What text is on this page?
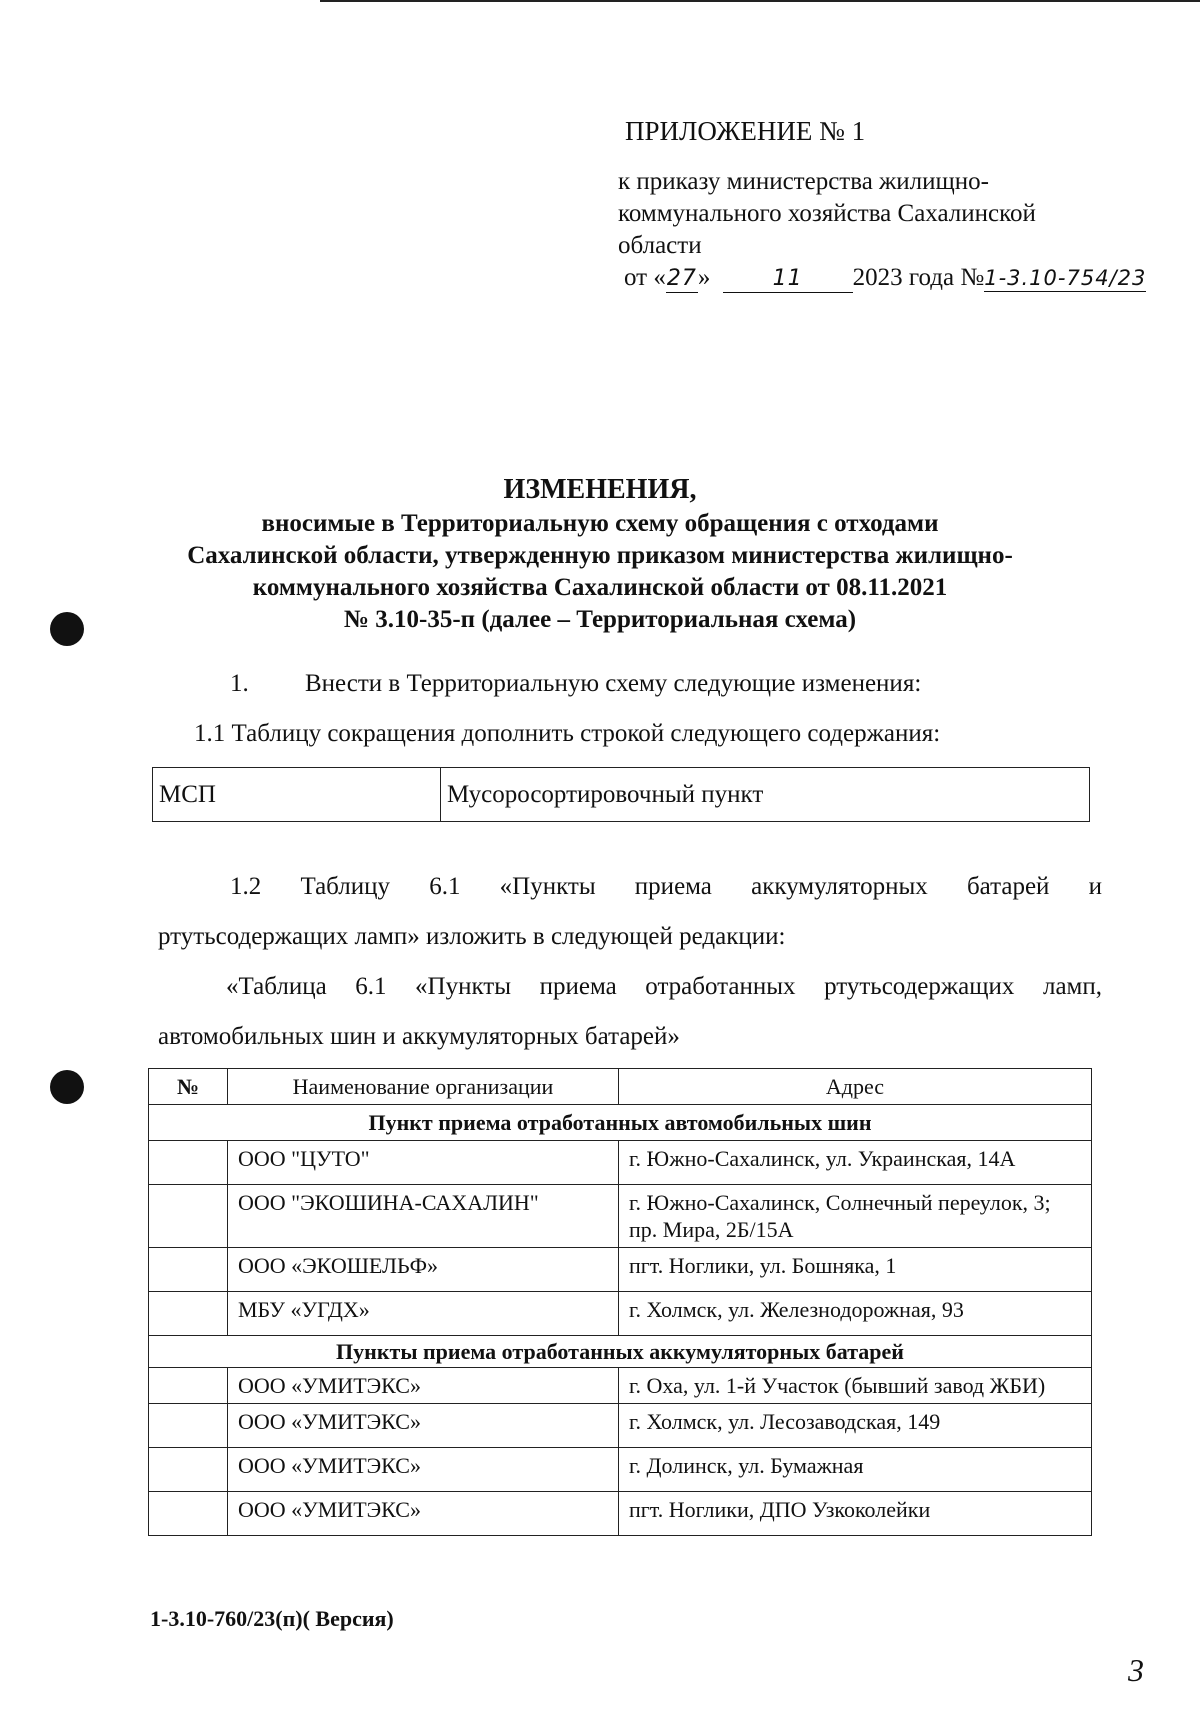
ПРИЛОЖЕНИЕ № 1
к приказу министерства жилищно-
коммунального хозяйства Сахалинской
области
от «27»	11 2023 года №1-3.10-754/23
ИЗМЕНЕНИЯ,
вносимые в Территориальную схему обращения с отходами
Сахалинской области, утвержденную приказом министерства жилищно-
коммунального хозяйства Сахалинской области от 08.11.2021
№ 3.10-35-п (далее – Территориальная схема)
1. Внести в Территориальную схему следующие изменения:
1.1 Таблицу сокращения дополнить строкой следующего содержания:
МСП	Мусоросортировочный пункт
1.2 Таблицу 6.1 «Пункты приема аккумуляторных батарей и
ртутьсодержащих ламп» изложить в следующей редакции:
«Таблица 6.1 «Пункты приема отработанных ртутьсодержащих ламп,
автомобильных шин и аккумуляторных батарей»
№	Наименование организации	Адрес
Пункт приема отработанных автомобильных шин		
	ООО "ЦУТО"	г. Южно-Сахалинск, ул. Украинская, 14А
	ООО "ЭКОШИНА-САХАЛИН"	г. Южно-Сахалинск, Солнечный переулок, 3; пр. Мира, 2Б/15А
	ООО «ЭКОШЕЛЬФ»	пгт. Ноглики, ул. Бошняка, 1
	МБУ «УГДХ»	г. Холмск, ул. Железнодорожная, 93
Пункты приема отработанных аккумуляторных батарей		
	ООО «УМИТЭКС»	г. Оха, ул. 1-й Участок (бывший завод ЖБИ)
	ООО «УМИТЭКС»	г. Холмск, ул. Лесозаводская, 149
	ООО «УМИТЭКС»	г. Долинск, ул. Бумажная
	ООО «УМИТЭКС»	пгт. Ноглики, ДПО Узкоколейки
1-3.10-760/23(п)( Версия)
3
